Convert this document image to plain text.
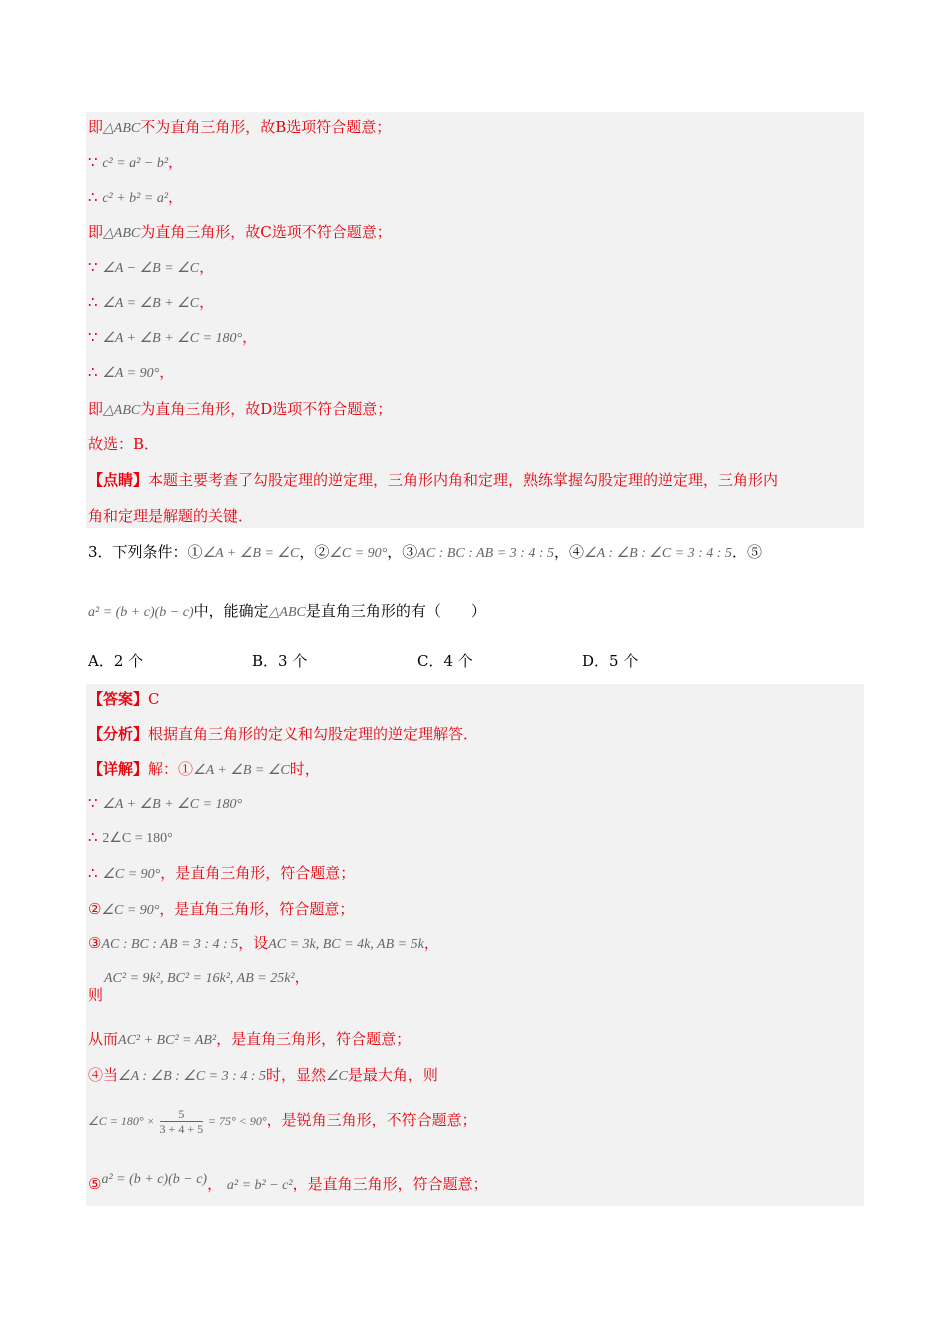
即△ABC不为直角三角形，故B选项符合题意；
∵ c² = a² − b²，
∴ c² + b² = a²，
即△ABC为直角三角形，故C选项不符合题意；
∵ ∠A − ∠B = ∠C，
∴ ∠A = ∠B + ∠C，
∵ ∠A + ∠B + ∠C = 180°，
∴ ∠A = 90°，
即△ABC为直角三角形，故D选项不符合题意；
故选：B．
【点睛】本题主要考查了勾股定理的逆定理，三角形内角和定理，熟练掌握勾股定理的逆定理，三角形内
角和定理是解题的关键．
3．下列条件：①∠A + ∠B = ∠C，②∠C = 90°，③AC : BC : AB = 3 : 4 : 5，④∠A : ∠B : ∠C = 3 : 4 : 5．⑤
a² = (b + c)(b − c)中，能确定△ABC是直角三角形的有（　　）
A．2 个	B．3 个	C．4 个	D．5 个
【答案】C
【分析】根据直角三角形的定义和勾股定理的逆定理解答．
【详解】解：①∠A + ∠B = ∠C时，
∵ ∠A + ∠B + ∠C = 180°
∴ 2∠C = 180°
∴ ∠C = 90°，是直角三角形，符合题意；
②∠C = 90°，是直角三角形，符合题意；
③AC : BC : AB = 3 : 4 : 5，设AC = 3k, BC = 4k, AB = 5k，
AC² = 9k², BC² = 16k², AB = 25k²，
则
从而AC² + BC² = AB²，是直角三角形，符合题意；
④当∠A : ∠B : ∠C = 3 : 4 : 5时，显然∠C是最大角，则
∠C = $180^\circ \times \frac{5}{3 + 4 + 5} = 75^\circ < 90^\circ$，是锐角三角形，不符合题意；
⑤a² = (b + c)(b − c)， a² = b² − c²，是直角三角形，符合题意；
